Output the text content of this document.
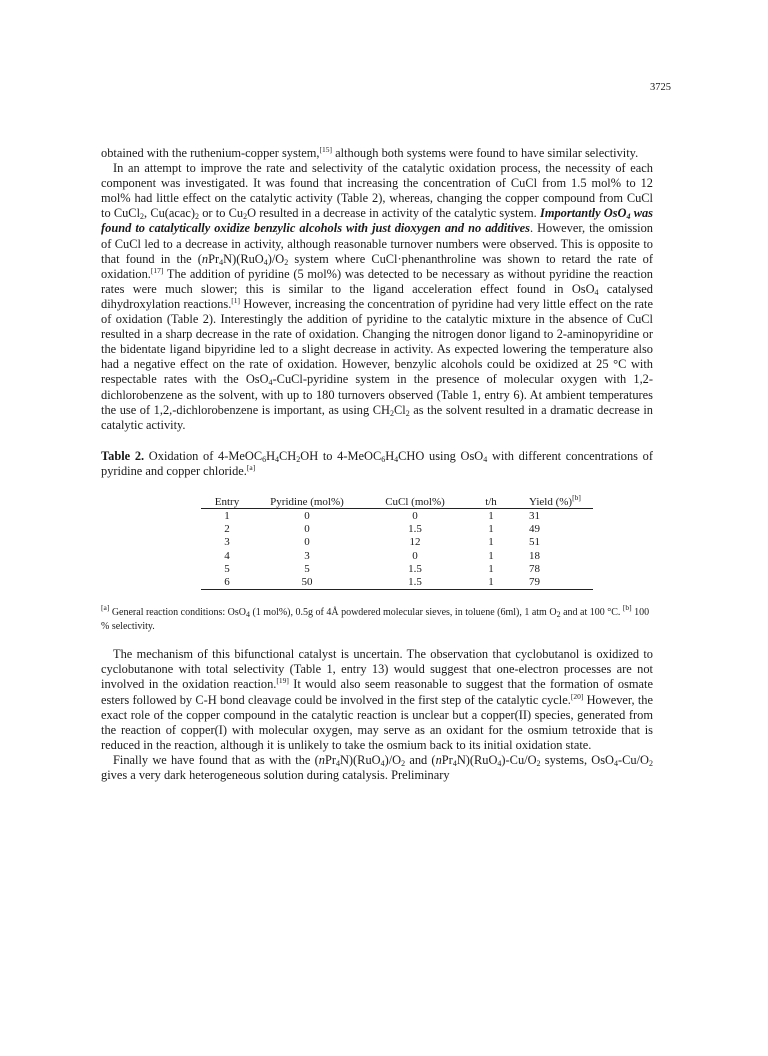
3725

obtained with the ruthenium-copper system,[15] although both systems were found to have similar selectivity.

In an attempt to improve the rate and selectivity of the catalytic oxidation process, the necessity of each component was investigated. It was found that increasing the concentration of CuCl from 1.5 mol% to 12 mol% had little effect on the catalytic activity (Table 2), whereas, changing the copper compound from CuCl to CuCl$_2$, $Cu(acac)_2$ or to $Cu_2O$ resulted in a decrease in activity of the catalytic system. Importantly OsO$_4$ was found to catalytically oxidize benzylic alcohols with just dioxygen and no additives. However, the omission of CuCl led to a decrease in activity, although reasonable turnover numbers were observed. This is opposite to that found in the $(nPr_4N)(RuO_4)/O_2$ system where CuCl·phenanthroline was shown to retard the rate of oxidation.[17] The addition of pyridine (5 mol%) was detected to be necessary as without pyridine the reaction rates were much slower; this is similar to the ligand acceleration effect found in OsO$_4$ catalysed dihydroxylation reactions.[1] However, increasing the concentration of pyridine had very little effect on the rate of oxidation (Table 2). Interestingly the addition of pyridine to the catalytic mixture in the absence of CuCl resulted in a sharp decrease in the rate of oxidation. Changing the nitrogen donor ligand to 2-aminopyridine or the bidentate ligand bipyridine led to a slight decrease in activity. As expected lowering the temperature also had a negative effect on the rate of oxidation. However, benzylic alcohols could be oxidized at 25 °C with respectable rates with the OsO$_4$-CuCl-pyridine system in the presence of molecular oxygen with 1,2-dichlorobenzene as the solvent, with up to 180 turnovers observed (Table 1, entry 6). At ambient temperatures the use of 1,2,-dichlorobenzene is important, as using $CH_2Cl_2$ as the solvent resulted in a dramatic decrease in catalytic activity.

Table 2. Oxidation of $4-MeOC_6H_4CH_2OH$ to $4-MeOC_6H_4CHO$ using OsO$_4$ with different concentrations of pyridine and copper chloride.[a]

Entry	Pyridine (mol%)	CuCl (mol%)	t/h	Yield (%)[b]
1	0	0	1	31
2	0	1.5	1	49
3	0	12	1	51
4	3	0	1	18
5	5	1.5	1	78
6	50	1.5	1	79

[a] General reaction conditions: OsO$_4$ (1 mol%), 0.5g of 4Å powdered molecular sieves, in toluene (6ml), 1 atm $O_2$ and at 100 °C. [b] 100 % selectivity.

The mechanism of this bifunctional catalyst is uncertain. The observation that cyclobutanol is oxidized to cyclobutanone with total selectivity (Table 1, entry 13) would suggest that one-electron processes are not involved in the oxidation reaction.[19] It would also seem reasonable to suggest that the formation of osmate esters followed by C-H bond cleavage could be involved in the first step of the catalytic cycle.[20] However, the exact role of the copper compound in the catalytic reaction is unclear but a copper(II) species, generated from the reaction of copper(I) with molecular oxygen, may serve as an oxidant for the osmium tetroxide that is reduced in the reaction, although it is unlikely to take the osmium back to its initial oxidation state.

Finally we have found that as with the $(nPr_4N)(RuO_4)/O_2$ and $(nPr_4N)(RuO_4)-Cu/O_2$ systems, $OsO_4-Cu/O_2$ gives a very dark heterogeneous solution during catalysis. Preliminary
